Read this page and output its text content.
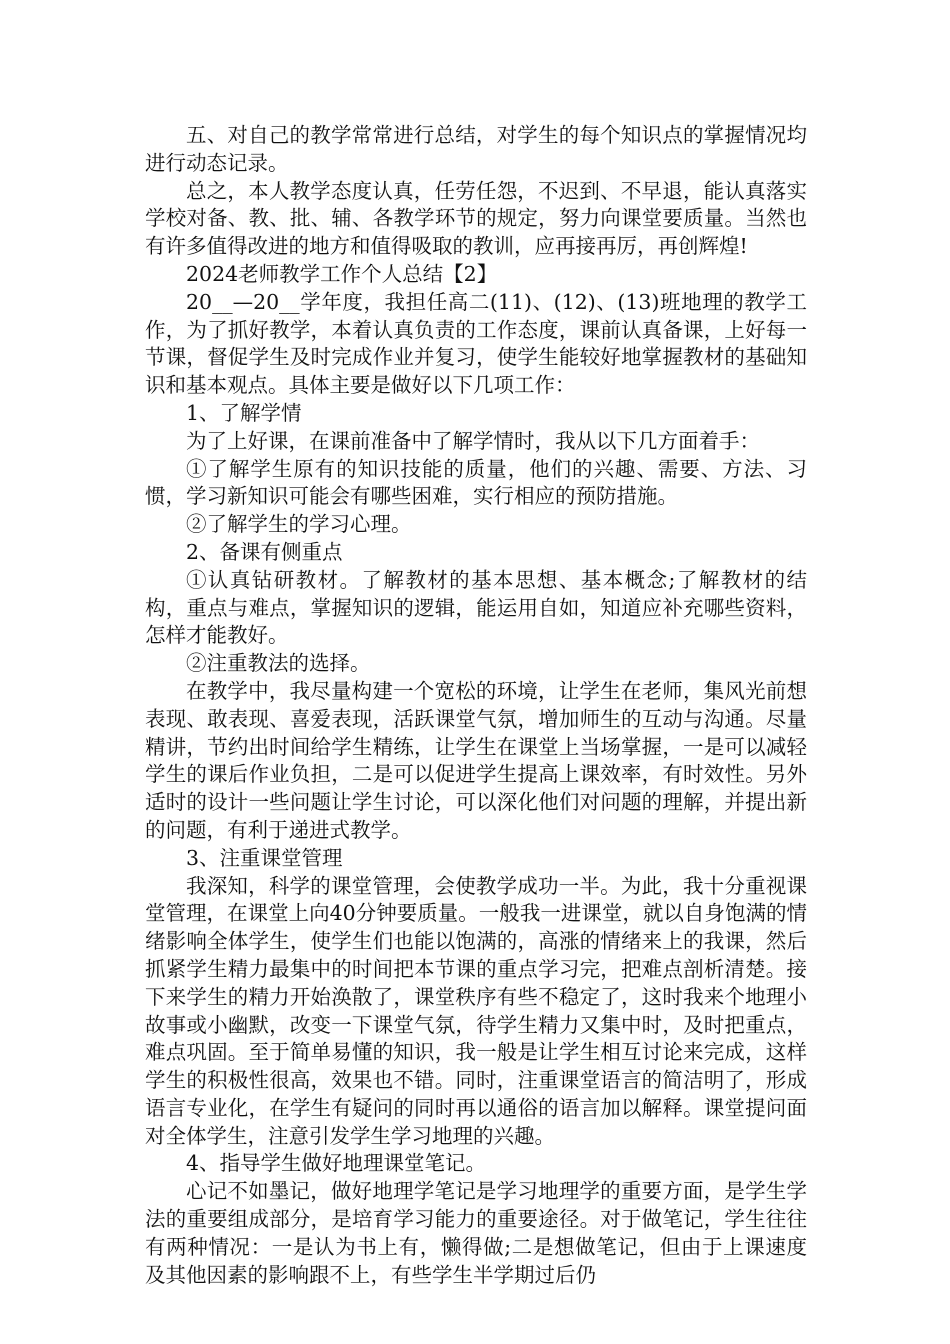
五、对自己的教学常常进行总结，对学生的每个知识点的掌握情况均进行动态记录。

总之，本人教学态度认真，任劳任怨，不迟到、不早退，能认真落实学校对备、教、批、辅、各教学环节的规定，努力向课堂要质量。当然也有许多值得改进的地方和值得吸取的教训，应再接再厉，再创辉煌!

2024老师教学工作个人总结【2】

20__—20__学年度，我担任高二(11)、(12)、(13)班地理的教学工作，为了抓好教学，本着认真负责的工作态度，课前认真备课，上好每一节课，督促学生及时完成作业并复习，使学生能较好地掌握教材的基础知识和基本观点。具体主要是做好以下几项工作：

1、了解学情

为了上好课，在课前准备中了解学情时，我从以下几方面着手：

①了解学生原有的知识技能的质量，他们的兴趣、需要、方法、习惯，学习新知识可能会有哪些困难，实行相应的预防措施。

②了解学生的学习心理。

2、备课有侧重点

①认真钻研教材。了解教材的基本思想、基本概念;了解教材的结构，重点与难点，掌握知识的逻辑，能运用自如，知道应补充哪些资料，怎样才能教好。

②注重教法的选择。

在教学中，我尽量构建一个宽松的环境，让学生在老师，集风光前想表现、敢表现、喜爱表现，活跃课堂气氛，增加师生的互动与沟通。尽量精讲，节约出时间给学生精练，让学生在课堂上当场掌握，一是可以减轻学生的课后作业负担，二是可以促进学生提高上课效率，有时效性。另外适时的设计一些问题让学生讨论，可以深化他们对问题的理解，并提出新的问题，有利于递进式教学。

3、注重课堂管理

我深知，科学的课堂管理，会使教学成功一半。为此，我十分重视课堂管理，在课堂上向40分钟要质量。一般我一进课堂，就以自身饱满的情绪影响全体学生，使学生们也能以饱满的，高涨的情绪来上的我课，然后抓紧学生精力最集中的时间把本节课的重点学习完，把难点剖析清楚。接下来学生的精力开始涣散了，课堂秩序有些不稳定了，这时我来个地理小故事或小幽默，改变一下课堂气氛，待学生精力又集中时，及时把重点，难点巩固。至于简单易懂的知识，我一般是让学生相互讨论来完成，这样学生的积极性很高，效果也不错。同时，注重课堂语言的简洁明了，形成语言专业化，在学生有疑问的同时再以通俗的语言加以解释。课堂提问面对全体学生，注意引发学生学习地理的兴趣。

4、指导学生做好地理课堂笔记。

心记不如墨记，做好地理学笔记是学习地理学的重要方面，是学生学法的重要组成部分，是培育学习能力的重要途径。对于做笔记，学生往往有两种情况：一是认为书上有，懒得做;二是想做笔记，但由于上课速度及其他因素的影响跟不上，有些学生半学期过后仍
